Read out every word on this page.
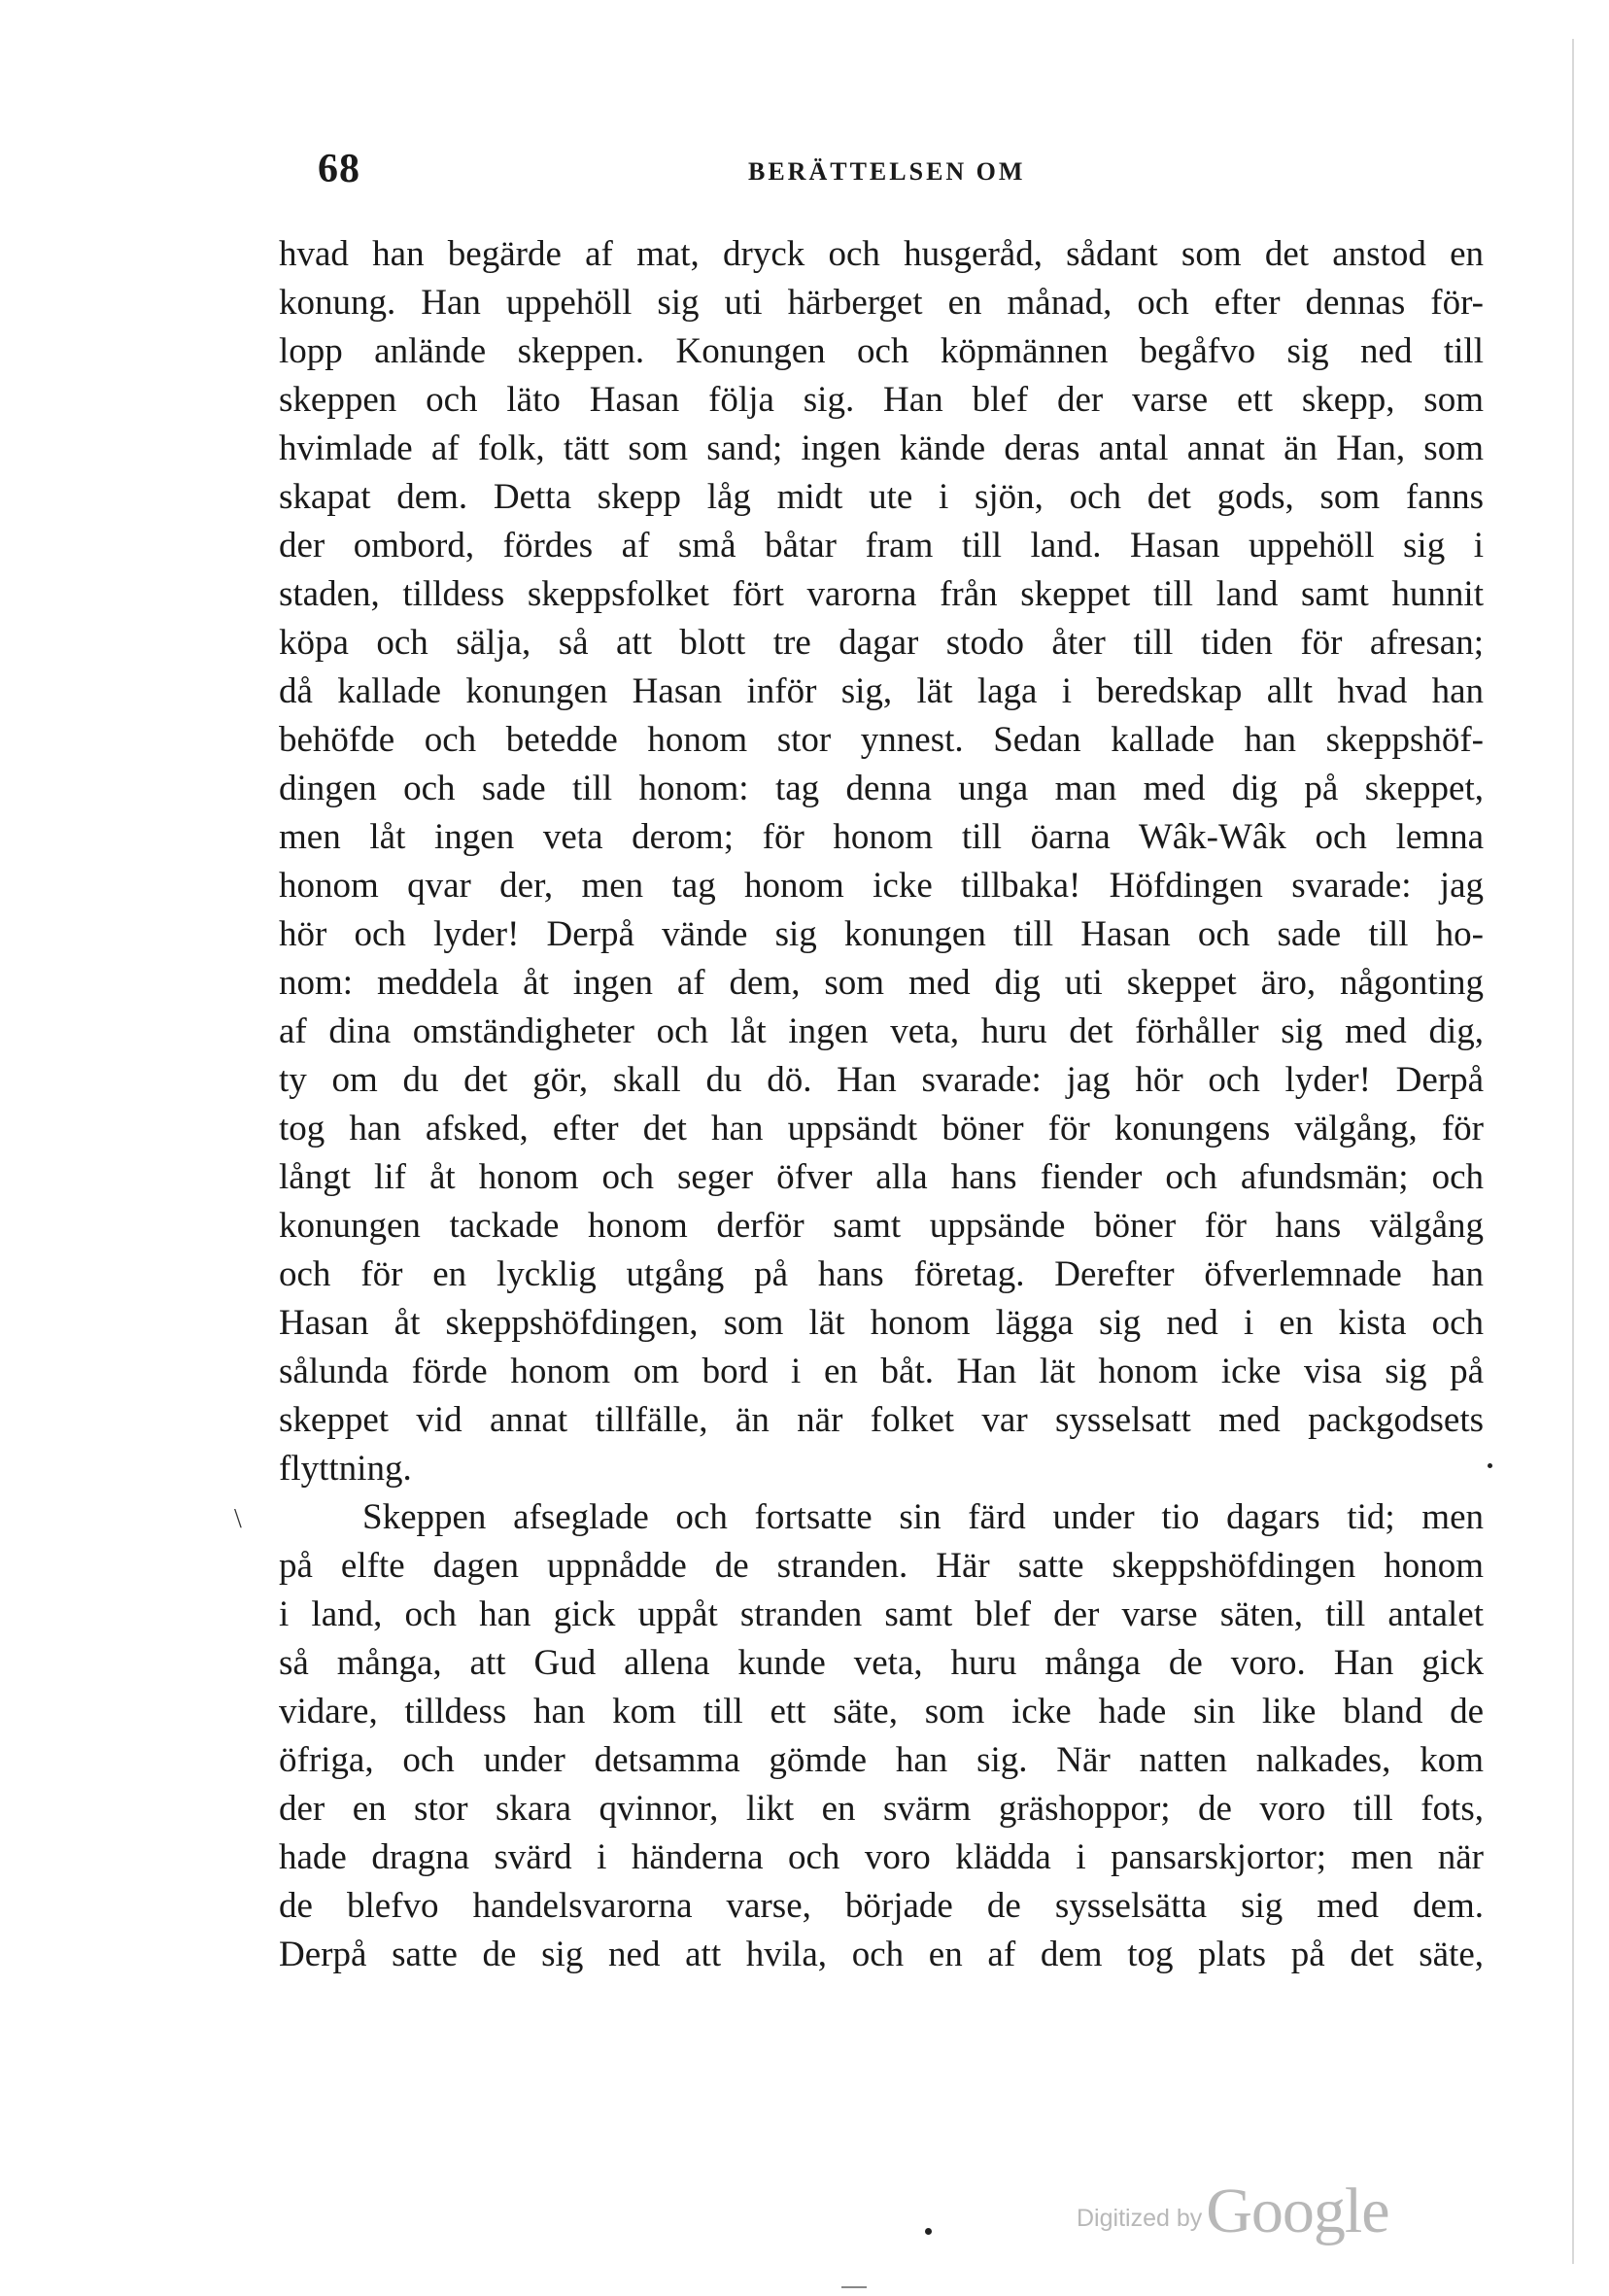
68	BERÄTTELSEN OM
hvad han begärde af mat, dryck och husgeråd, sådant som det anstod en
konung. Han uppehöll sig uti härberget en månad, och efter dennas för-
lopp anlände skeppen. Konungen och köpmännen begåfvo sig ned till
skeppen och läto Hasan följa sig. Han blef der varse ett skepp, som
hvimlade af folk, tätt som sand; ingen kände deras antal annat än Han, som
skapat dem. Detta skepp låg midt ute i sjön, och det gods, som fanns
der ombord, fördes af små båtar fram till land. Hasan uppehöll sig i
staden, tilldess skeppsfolket fört varorna från skeppet till land samt hunnit
köpa och sälja, så att blott tre dagar stodo åter till tiden för afresan;
då kallade konungen Hasan inför sig, lät laga i beredskap allt hvad han
behöfde och betedde honom stor ynnest. Sedan kallade han skeppshöf-
dingen och sade till honom: tag denna unga man med dig på skeppet,
men låt ingen veta derom; för honom till öarna Wâk-Wâk och lemna
honom qvar der, men tag honom icke tillbaka! Höfdingen svarade: jag
hör och lyder! Derpå vände sig konungen till Hasan och sade till ho-
nom: meddela åt ingen af dem, som med dig uti skeppet äro, någonting
af dina omständigheter och låt ingen veta, huru det förhåller sig med dig,
ty om du det gör, skall du dö. Han svarade: jag hör och lyder! Derpå
tog han afsked, efter det han uppsändt böner för konungens välgång, för
långt lif åt honom och seger öfver alla hans fiender och afundsmän; och
konungen tackade honom derför samt uppsände böner för hans välgång
och för en lycklig utgång på hans företag. Derefter öfverlemnade han
Hasan åt skeppshöfdingen, som lät honom lägga sig ned i en kista och
sålunda förde honom om bord i en båt. Han lät honom icke visa sig på
skeppet vid annat tillfälle, än när folket var sysselsatt med packgodsets
flyttning.
Skeppen afseglade och fortsatte sin färd under tio dagars tid; men
på elfte dagen uppnådde de stranden. Här satte skeppshöfdingen honom
i land, och han gick uppåt stranden samt blef der varse säten, till antalet
så många, att Gud allena kunde veta, huru många de voro. Han gick
vidare, tilldess han kom till ett säte, som icke hade sin like bland de
öfriga, och under detsamma gömde han sig. När natten nalkades, kom
der en stor skara qvinnor, likt en svärm gräshoppor; de voro till fots,
hade dragna svärd i händerna och voro klädda i pansarskjortor; men när
de blefvo handelsvarorna varse, började de sysselsätta sig med dem.
Derpå satte de sig ned att hvila, och en af dem tog plats på det säte,
\
Digitized by Google
